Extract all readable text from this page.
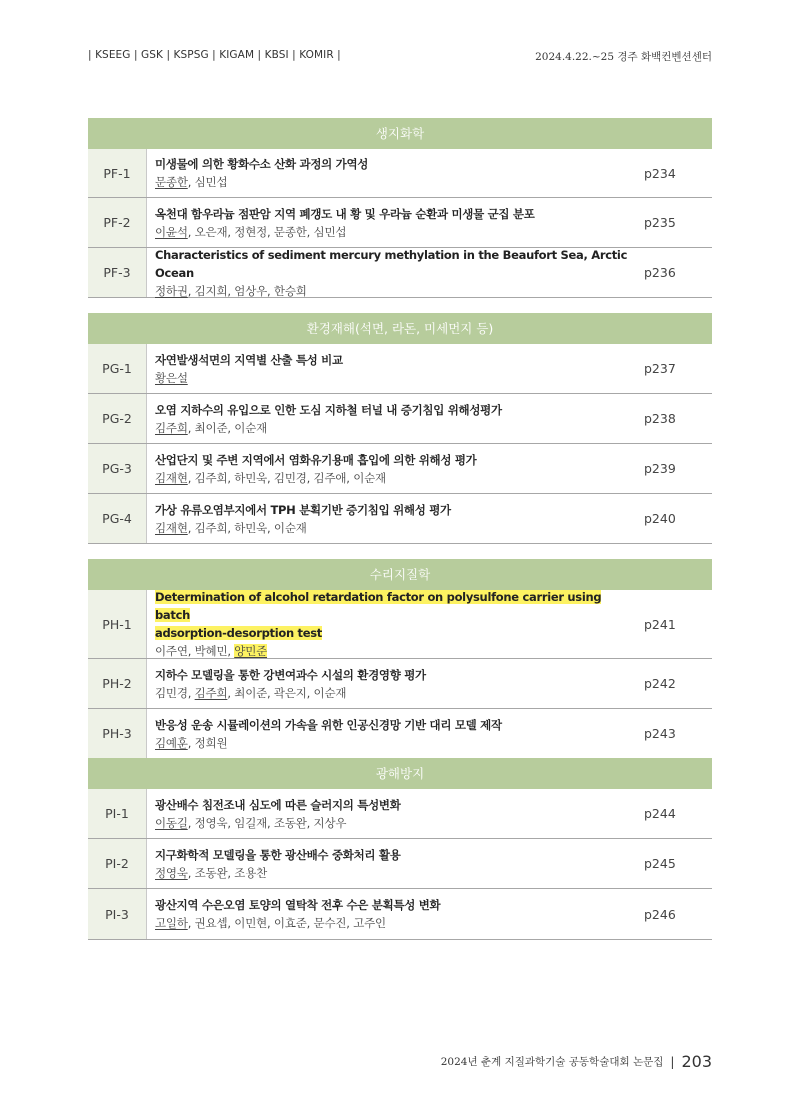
| KSEEG | GSK | KSPSG | KIGAM | KBSI | KOMIR |	2024.4.22.~25 경주 화백컨벤션센터
생지화학
PF-1
미생물에 의한 황화수소 산화 과정의 가역성
문종한, 심민섭
p234
PF-2
옥천대 함우라늄 점판암 지역 폐갱도 내 황 및 우라늄 순환과 미생물 군집 분포
이윤석, 오은재, 정현정, 문종한, 심민섭
p235
PF-3
Characteristics of sediment mercury methylation in the Beaufort Sea, Arctic Ocean
정하권, 김지희, 엄상우, 한승희
p236
환경재해(석면, 라돈, 미세먼지 등)
PG-1
자연발생석면의 지역별 산출 특성 비교
황은설
p237
PG-2
오염 지하수의 유입으로 인한 도심 지하철 터널 내 증기침입 위해성평가
김주희, 최이준, 이순재
p238
PG-3
산업단지 및 주변 지역에서 염화유기용매 흡입에 의한 위해성 평가
김재현, 김주희, 하민욱, 김민경, 김주애, 이순재
p239
PG-4
가상 유류오염부지에서 TPH 분획기반 증기침입 위해성 평가
김재현, 김주희, 하민욱, 이순재
p240
수리지질학
PH-1
Determination of alcohol retardation factor on polysulfone carrier using batch
adsorption-desorption test
이주연, 박혜민, 양민준
p241
PH-2
지하수 모델링을 통한 강변여과수 시설의 환경영향 평가
김민경, 김주희, 최이준, 곽은지, 이순재
p242
PH-3
반응성 운송 시뮬레이션의 가속을 위한 인공신경망 기반 대리 모델 제작
김예훈, 정희원
p243
광해방지
PI-1
광산배수 침전조내 심도에 따른 슬러지의 특성변화
이동길, 정영욱, 임길재, 조동완, 지상우
p244
PI-2
지구화학적 모델링을 통한 광산배수 중화처리 활용
정영욱, 조동완, 조용찬
p245
PI-3
광산지역 수은오염 토양의 열탁착 전후 수은 분획특성 변화
고일하, 권요셉, 이민현, 이효준, 문수진, 고주인
p246
2024년 춘계 지질과학기술 공동학술대회 논문집 | 203
